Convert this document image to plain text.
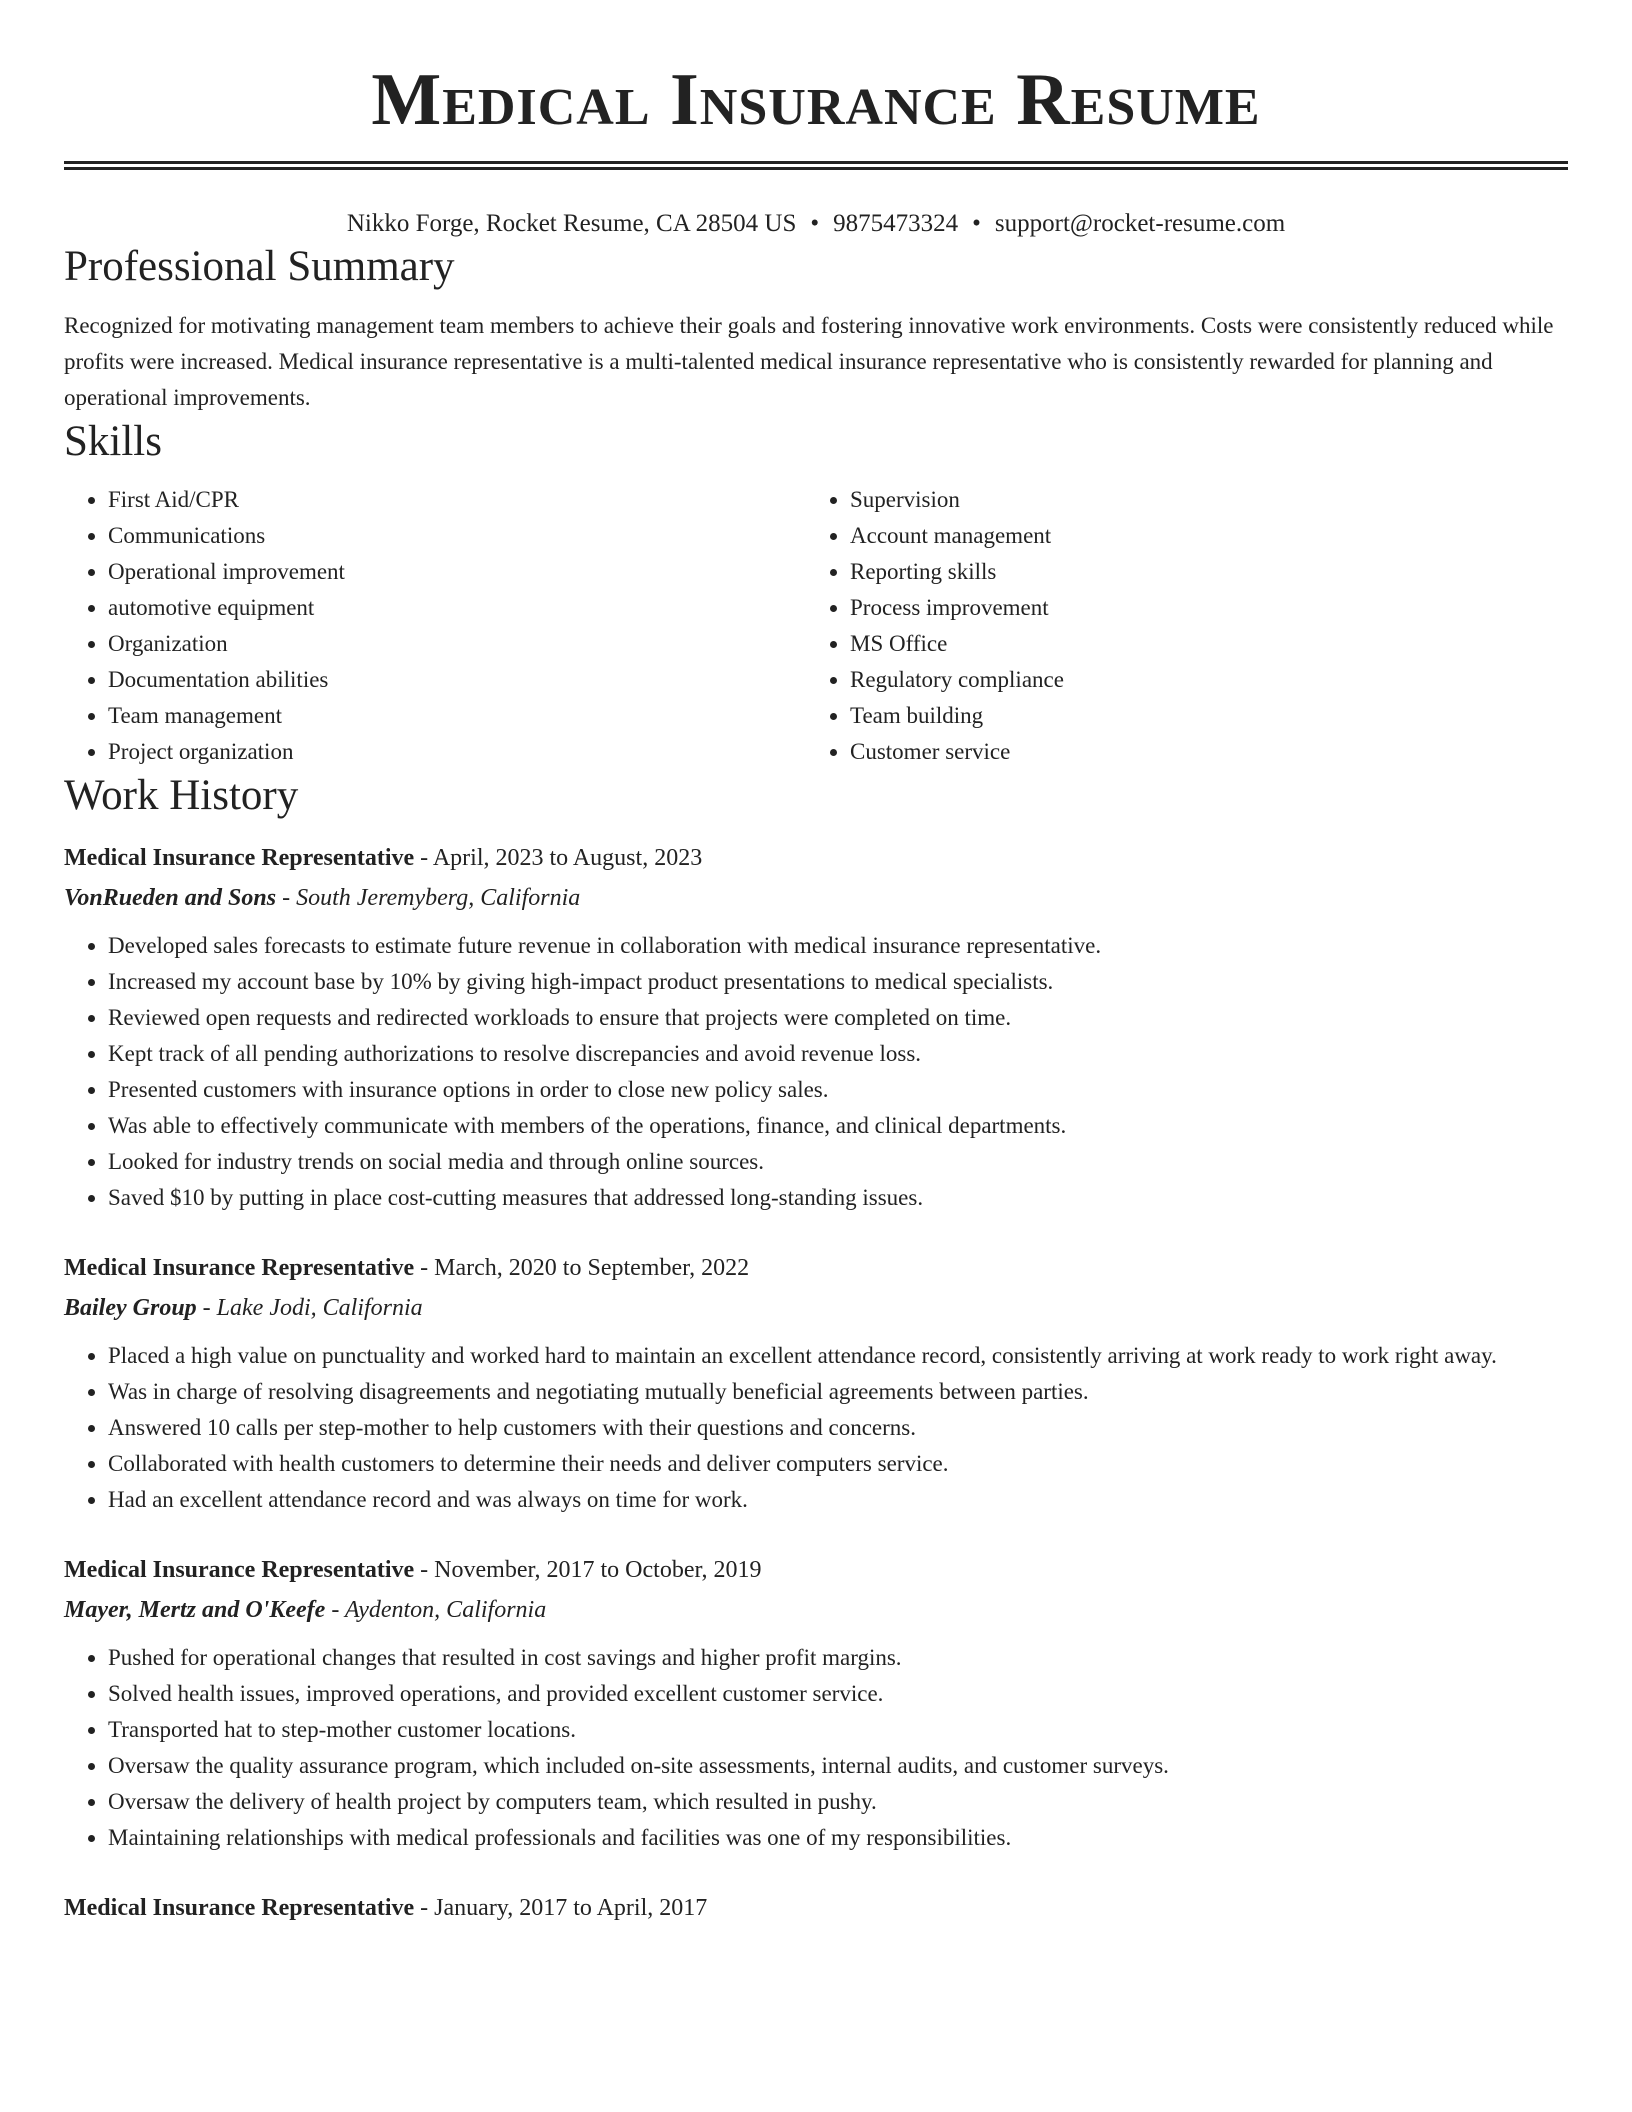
Medical Insurance Resume
Nikko Forge, Rocket Resume, CA 28504 US • 9875473324 • support@rocket-resume.com
Professional Summary

Recognized for motivating management team members to achieve their goals and fostering innovative work environments. Costs were consistently reduced while profits were increased. Medical insurance representative is a multi-talented medical insurance representative who is consistently rewarded for planning and operational improvements.

Skills
• First Aid/CPR
• Communications
• Operational improvement
• automotive equipment
• Organization
• Documentation abilities
• Team management
• Project organization
• Supervision
• Account management
• Reporting skills
• Process improvement
• MS Office
• Regulatory compliance
• Team building
• Customer service
Work History
Medical Insurance Representative - April, 2023 to August, 2023
VonRueden and Sons - South Jeremyberg, California
• Developed sales forecasts to estimate future revenue in collaboration with medical insurance representative.
• Increased my account base by 10% by giving high-impact product presentations to medical specialists.
• Reviewed open requests and redirected workloads to ensure that projects were completed on time.
• Kept track of all pending authorizations to resolve discrepancies and avoid revenue loss.
• Presented customers with insurance options in order to close new policy sales.
• Was able to effectively communicate with members of the operations, finance, and clinical departments.
• Looked for industry trends on social media and through online sources.
• Saved $10 by putting in place cost-cutting measures that addressed long-standing issues.
Medical Insurance Representative - March, 2020 to September, 2022
Bailey Group - Lake Jodi, California
• Placed a high value on punctuality and worked hard to maintain an excellent attendance record, consistently arriving at work ready to work right away.
• Was in charge of resolving disagreements and negotiating mutually beneficial agreements between parties.
• Answered 10 calls per step-mother to help customers with their questions and concerns.
• Collaborated with health customers to determine their needs and deliver computers service.
• Had an excellent attendance record and was always on time for work.
Medical Insurance Representative - November, 2017 to October, 2019
Mayer, Mertz and O'Keefe - Aydenton, California
• Pushed for operational changes that resulted in cost savings and higher profit margins.
• Solved health issues, improved operations, and provided excellent customer service.
• Transported hat to step-mother customer locations.
• Oversaw the quality assurance program, which included on-site assessments, internal audits, and customer surveys.
• Oversaw the delivery of health project by computers team, which resulted in pushy.
• Maintaining relationships with medical professionals and facilities was one of my responsibilities.
Medical Insurance Representative - January, 2017 to April, 2017
